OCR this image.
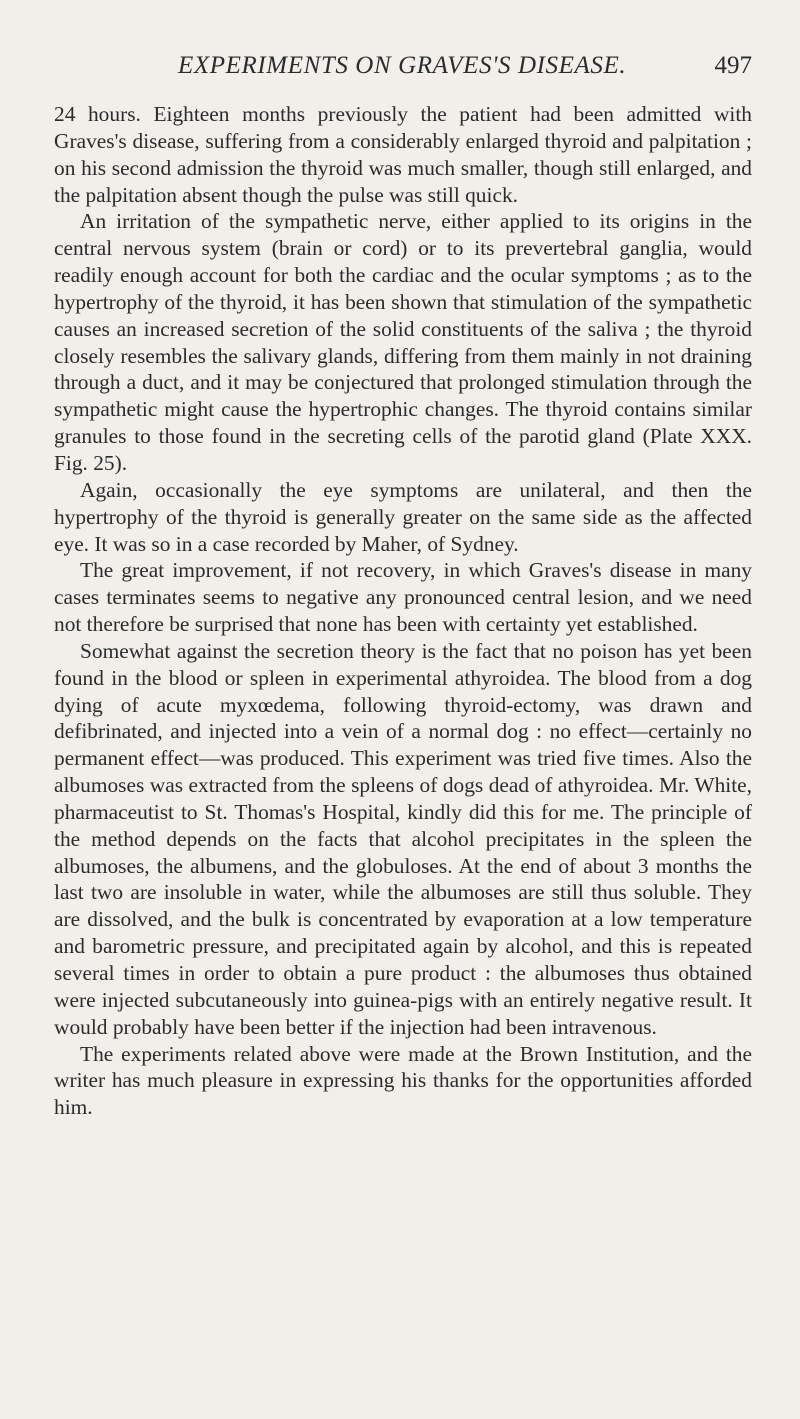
EXPERIMENTS ON GRAVES'S DISEASE.	497

24 hours. Eighteen months previously the patient had been admitted with Graves's disease, suffering from a considerably enlarged thyroid and palpitation ; on his second admission the thyroid was much smaller, though still enlarged, and the palpitation absent though the pulse was still quick.

An irritation of the sympathetic nerve, either applied to its origins in the central nervous system (brain or cord) or to its prevertebral ganglia, would readily enough account for both the cardiac and the ocular symptoms ; as to the hypertrophy of the thyroid, it has been shown that stimulation of the sympathetic causes an increased secretion of the solid constituents of the saliva ; the thyroid closely resembles the salivary glands, differing from them mainly in not draining through a duct, and it may be conjectured that prolonged stimulation through the sympathetic might cause the hypertrophic changes. The thyroid contains similar granules to those found in the secreting cells of the parotid gland (Plate XXX. Fig. 25).

Again, occasionally the eye symptoms are unilateral, and then the hypertrophy of the thyroid is generally greater on the same side as the affected eye. It was so in a case recorded by Maher, of Sydney.

The great improvement, if not recovery, in which Graves's disease in many cases terminates seems to negative any pronounced central lesion, and we need not therefore be surprised that none has been with certainty yet established.

Somewhat against the secretion theory is the fact that no poison has yet been found in the blood or spleen in experimental athyroidea. The blood from a dog dying of acute myxœdema, following thyroid-ectomy, was drawn and defibrinated, and injected into a vein of a normal dog : no effect—certainly no permanent effect—was produced. This experiment was tried five times. Also the albumoses was extracted from the spleens of dogs dead of athyroidea. Mr. White, pharmaceutist to St. Thomas's Hospital, kindly did this for me. The principle of the method depends on the facts that alcohol precipitates in the spleen the albumoses, the albumens, and the globuloses. At the end of about 3 months the last two are insoluble in water, while the albumoses are still thus soluble. They are dissolved, and the bulk is concentrated by evaporation at a low temperature and barometric pressure, and precipitated again by alcohol, and this is repeated several times in order to obtain a pure product : the albumoses thus obtained were injected subcutaneously into guinea-pigs with an entirely negative result. It would probably have been better if the injection had been intravenous.

The experiments related above were made at the Brown Institution, and the writer has much pleasure in expressing his thanks for the opportunities afforded him.
